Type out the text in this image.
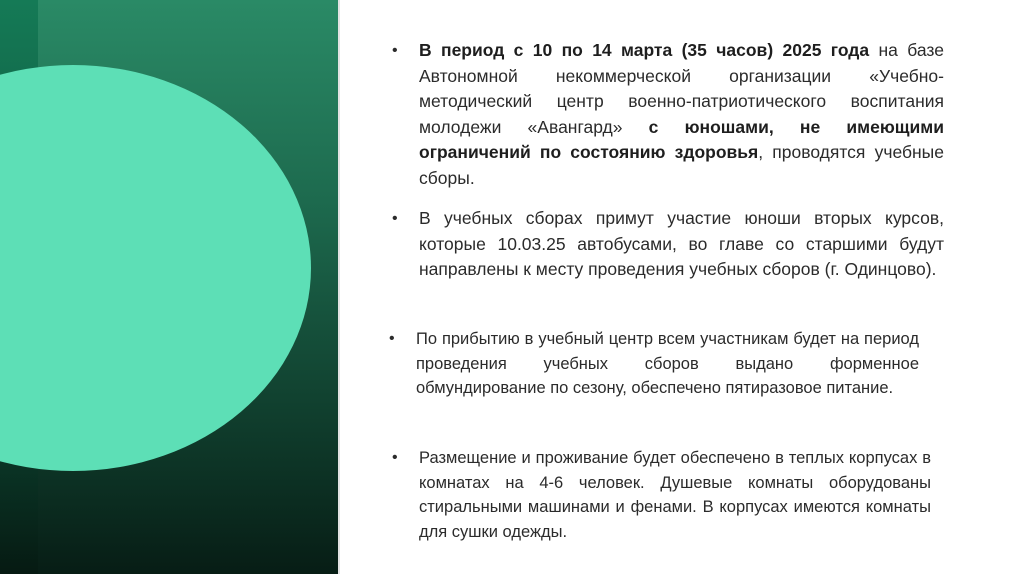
• В период с 10 по 14 марта (35 часов) 2025 года на базе Автономной некоммерческой организации «Учебно-методический центр военно-патриотического воспитания молодежи «Авангард» с юношами, не имеющими ограничений по состоянию здоровья, проводятся учебные сборы.
• В учебных сборах примут участие юноши вторых курсов, которые 10.03.25 автобусами, во главе со старшими будут направлены к месту проведения учебных сборов (г. Одинцово).
• По прибытию в учебный центр всем участникам будет на период проведения учебных сборов выдано форменное обмундирование по сезону, обеспечено пятиразовое питание.
• Размещение и проживание будет обеспечено в теплых корпусах в комнатах на 4-6 человек. Душевые комнаты оборудованы стиральными машинами и фенами. В корпусах имеются комнаты для сушки одежды.
